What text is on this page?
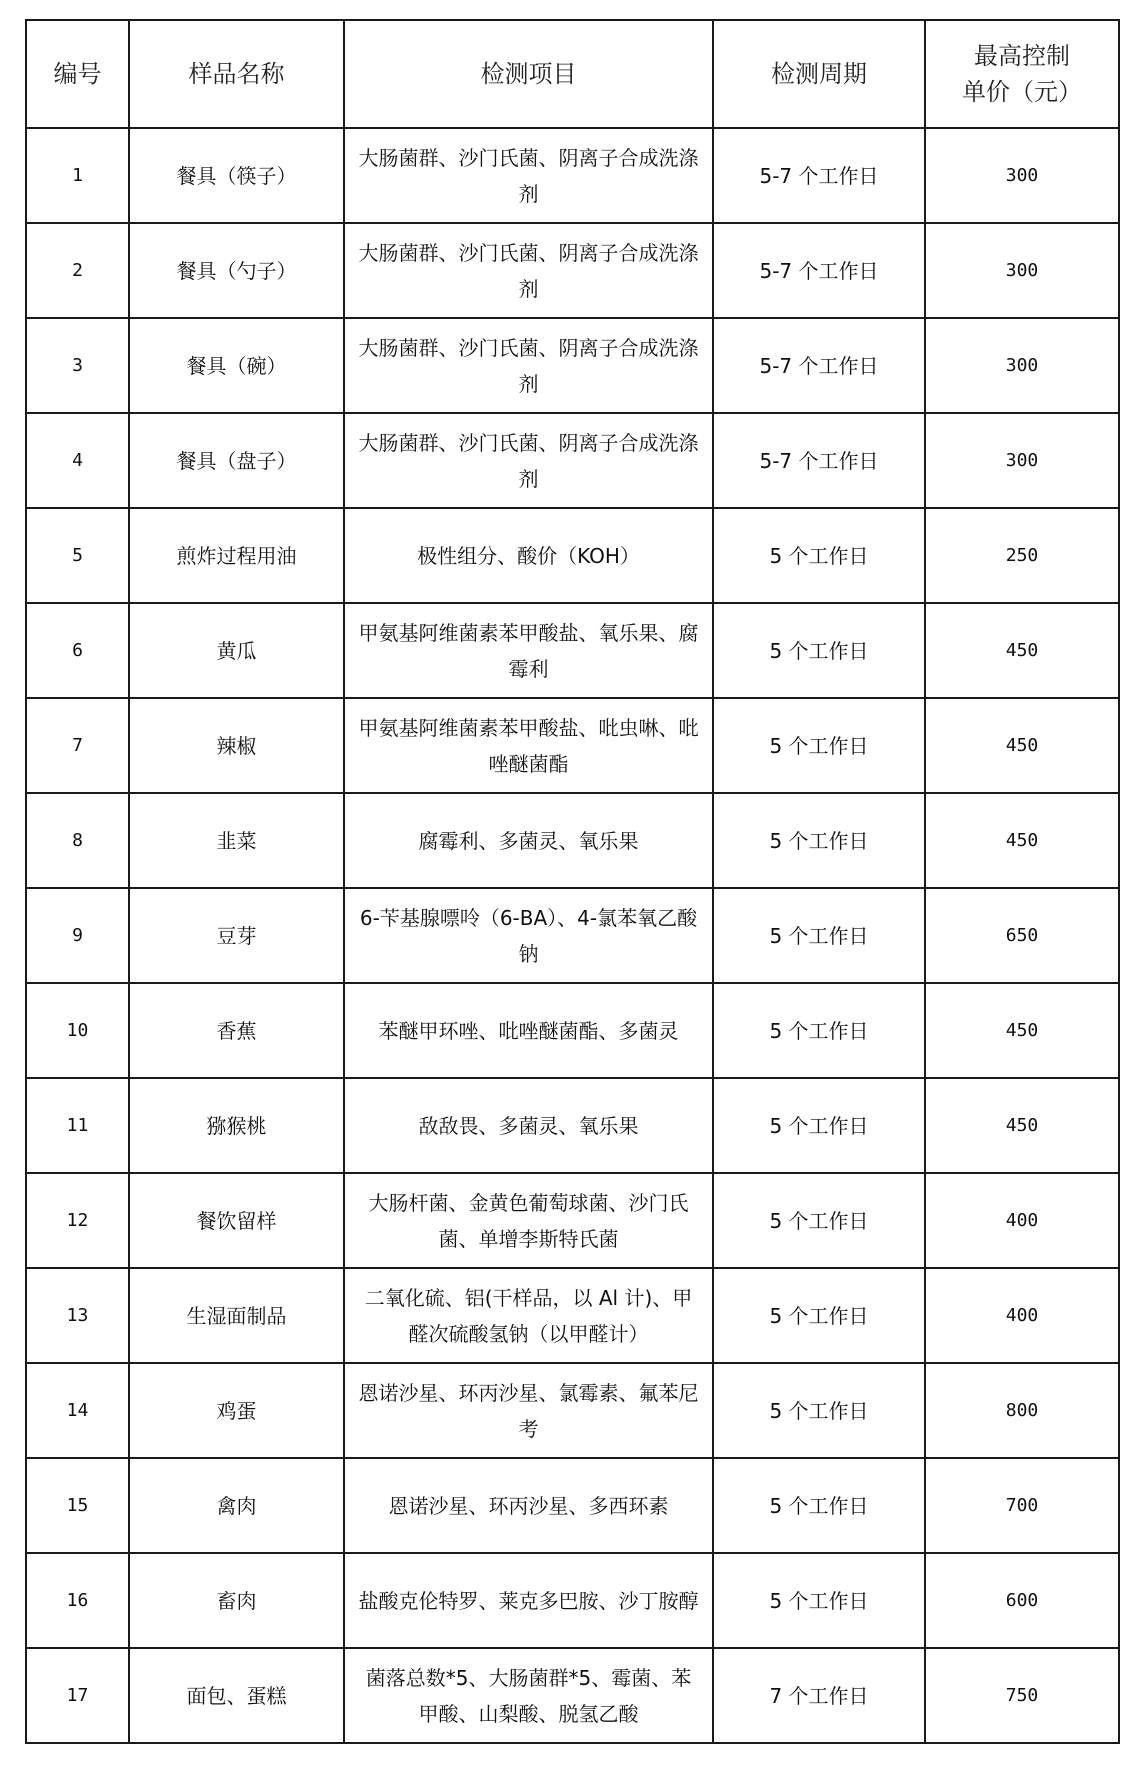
编号	样品名称	检测项目	检测周期	最高控制
单价（元）

1	餐具（筷子）	大肠菌群、沙门氏菌、阴离子合成洗涤剂	5-7 个工作日	300
2	餐具（勺子）	大肠菌群、沙门氏菌、阴离子合成洗涤剂	5-7 个工作日	300
3	餐具（碗）	大肠菌群、沙门氏菌、阴离子合成洗涤剂	5-7 个工作日	300
4	餐具（盘子）	大肠菌群、沙门氏菌、阴离子合成洗涤剂	5-7 个工作日	300
5	煎炸过程用油	极性组分、酸价（KOH）	5 个工作日	250
6	黄瓜	甲氨基阿维菌素苯甲酸盐、氧乐果、腐霉利	5 个工作日	450
7	辣椒	甲氨基阿维菌素苯甲酸盐、吡虫啉、吡唑醚菌酯	5 个工作日	450
8	韭菜	腐霉利、多菌灵、氧乐果	5 个工作日	450
9	豆芽	6-苄基腺嘌呤（6-BA）、4-氯苯氧乙酸钠	5 个工作日	650
10	香蕉	苯醚甲环唑、吡唑醚菌酯、多菌灵	5 个工作日	450
11	猕猴桃	敌敌畏、多菌灵、氧乐果	5 个工作日	450
12	餐饮留样	大肠杆菌、金黄色葡萄球菌、沙门氏菌、单增李斯特氏菌	5 个工作日	400
13	生湿面制品	二氧化硫、铝(干样品，以 Al 计)、甲醛次硫酸氢钠（以甲醛计）	5 个工作日	400
14	鸡蛋	恩诺沙星、环丙沙星、氯霉素、氟苯尼考	5 个工作日	800
15	禽肉	恩诺沙星、环丙沙星、多西环素	5 个工作日	700
16	畜肉	盐酸克伦特罗、莱克多巴胺、沙丁胺醇	5 个工作日	600
17	面包、蛋糕	菌落总数*5、大肠菌群*5、霉菌、苯甲酸、山梨酸、脱氢乙酸	7 个工作日	750
